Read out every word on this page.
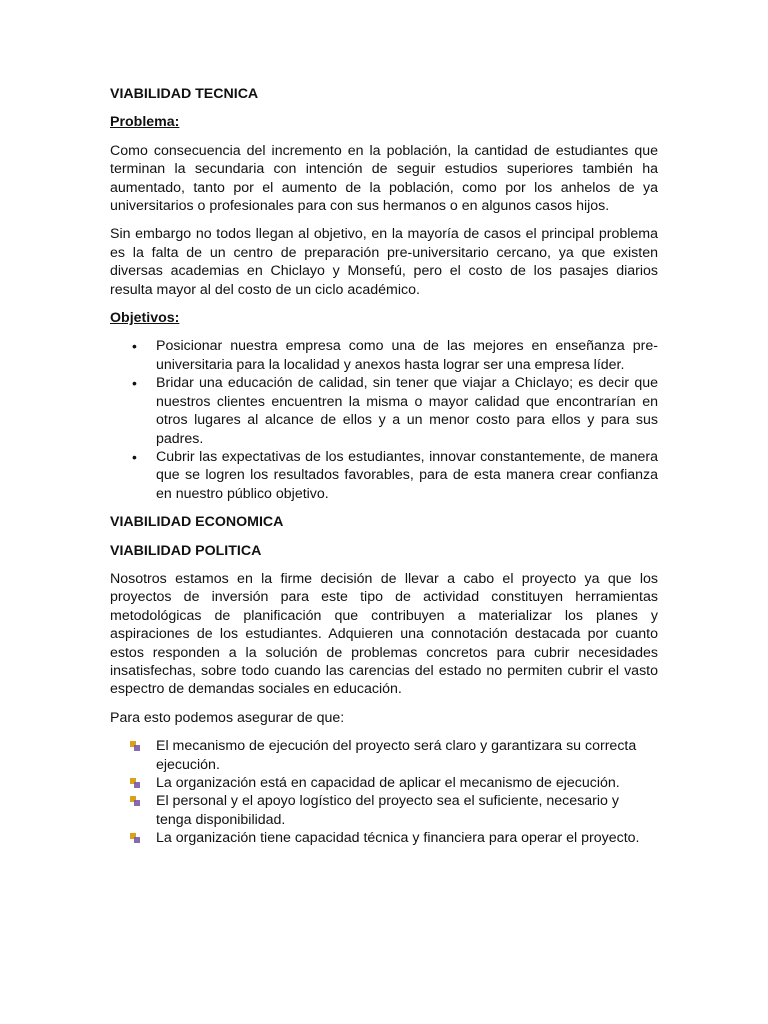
VIABILIDAD TECNICA
Problema:

Como consecuencia del incremento en la población, la cantidad de estudiantes que terminan la secundaria con intención de seguir estudios superiores también ha aumentado, tanto por el aumento de la población, como por los anhelos de ya universitarios o profesionales para con sus hermanos o en algunos casos hijos.

Sin embargo no todos llegan al objetivo, en la mayoría de casos el principal problema es la falta de un centro de preparación pre-universitario cercano, ya que existen diversas academias en Chiclayo y Monsefú, pero el costo de los pasajes diarios resulta mayor al del costo de un ciclo académico.

Objetivos:
• Posicionar nuestra empresa como una de las mejores en enseñanza pre-universitaria para la localidad y anexos hasta lograr ser una empresa líder.
• Bridar una educación de calidad, sin tener que viajar a Chiclayo; es decir que nuestros clientes encuentren la misma o mayor calidad que encontrarían en otros lugares al alcance de ellos y a un menor costo para ellos y para sus padres.
• Cubrir las expectativas de los estudiantes, innovar constantemente, de manera que se logren los resultados favorables, para de esta manera crear confianza en nuestro público objetivo.
VIABILIDAD ECONOMICA
VIABILIDAD POLITICA

Nosotros estamos en la firme decisión de llevar a cabo el proyecto ya que los proyectos de inversión para este tipo de actividad constituyen herramientas metodológicas de planificación que contribuyen a materializar los planes y aspiraciones de los estudiantes. Adquieren una connotación destacada por cuanto estos responden a la solución de problemas concretos para cubrir necesidades insatisfechas, sobre todo cuando las carencias del estado no permiten cubrir el vasto espectro de demandas sociales en educación.

Para esto podemos asegurar de que:

El mecanismo de ejecución del proyecto será claro y garantizara su correcta ejecución.
La organización está en capacidad de aplicar el mecanismo de ejecución.
El personal y el apoyo logístico del proyecto sea el suficiente, necesario y tenga disponibilidad.
La organización tiene capacidad técnica y financiera para operar el proyecto.
